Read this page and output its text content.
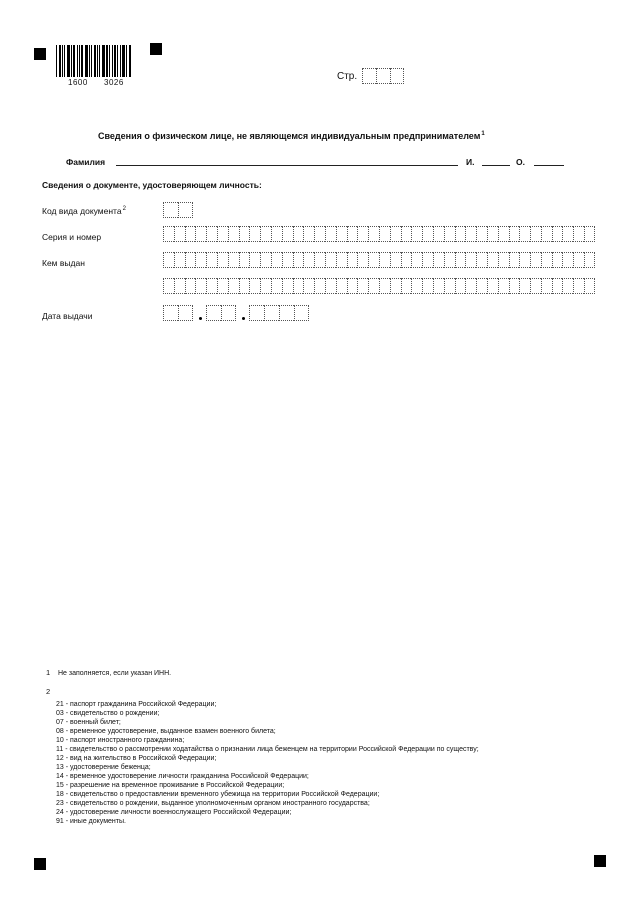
1600 3026
Стр.
Сведения о физическом лице, не являющемся индивидуальным предпринимателем$^1$
Фамилия	И.	О.
Сведения о документе, удостоверяющем личность:
Код вида документа$^2$
Серия и номер
Кем выдан
Дата выдачи
1 Не заполняется, если указан ИНН.
2
21 - паспорт гражданина Российской Федерации;
03 - свидетельство о рождении;
07 - военный билет;
08 - временное удостоверение, выданное взамен военного билета;
10 - паспорт иностранного гражданина;
11 - свидетельство о рассмотрении ходатайства о признании лица беженцем на территории Российской Федерации по существу;
12 - вид на жительство в Российской Федерации;
13 - удостоверение беженца;
14 - временное удостоверение личности гражданина Российской Федерации;
15 - разрешение на временное проживание в Российской Федерации;
18 - свидетельство о предоставлении временного убежища на территории Российской Федерации;
23 - свидетельство о рождении, выданное уполномоченным органом иностранного государства;
24 - удостоверение личности военнослужащего Российской Федерации;
91 - иные документы.
